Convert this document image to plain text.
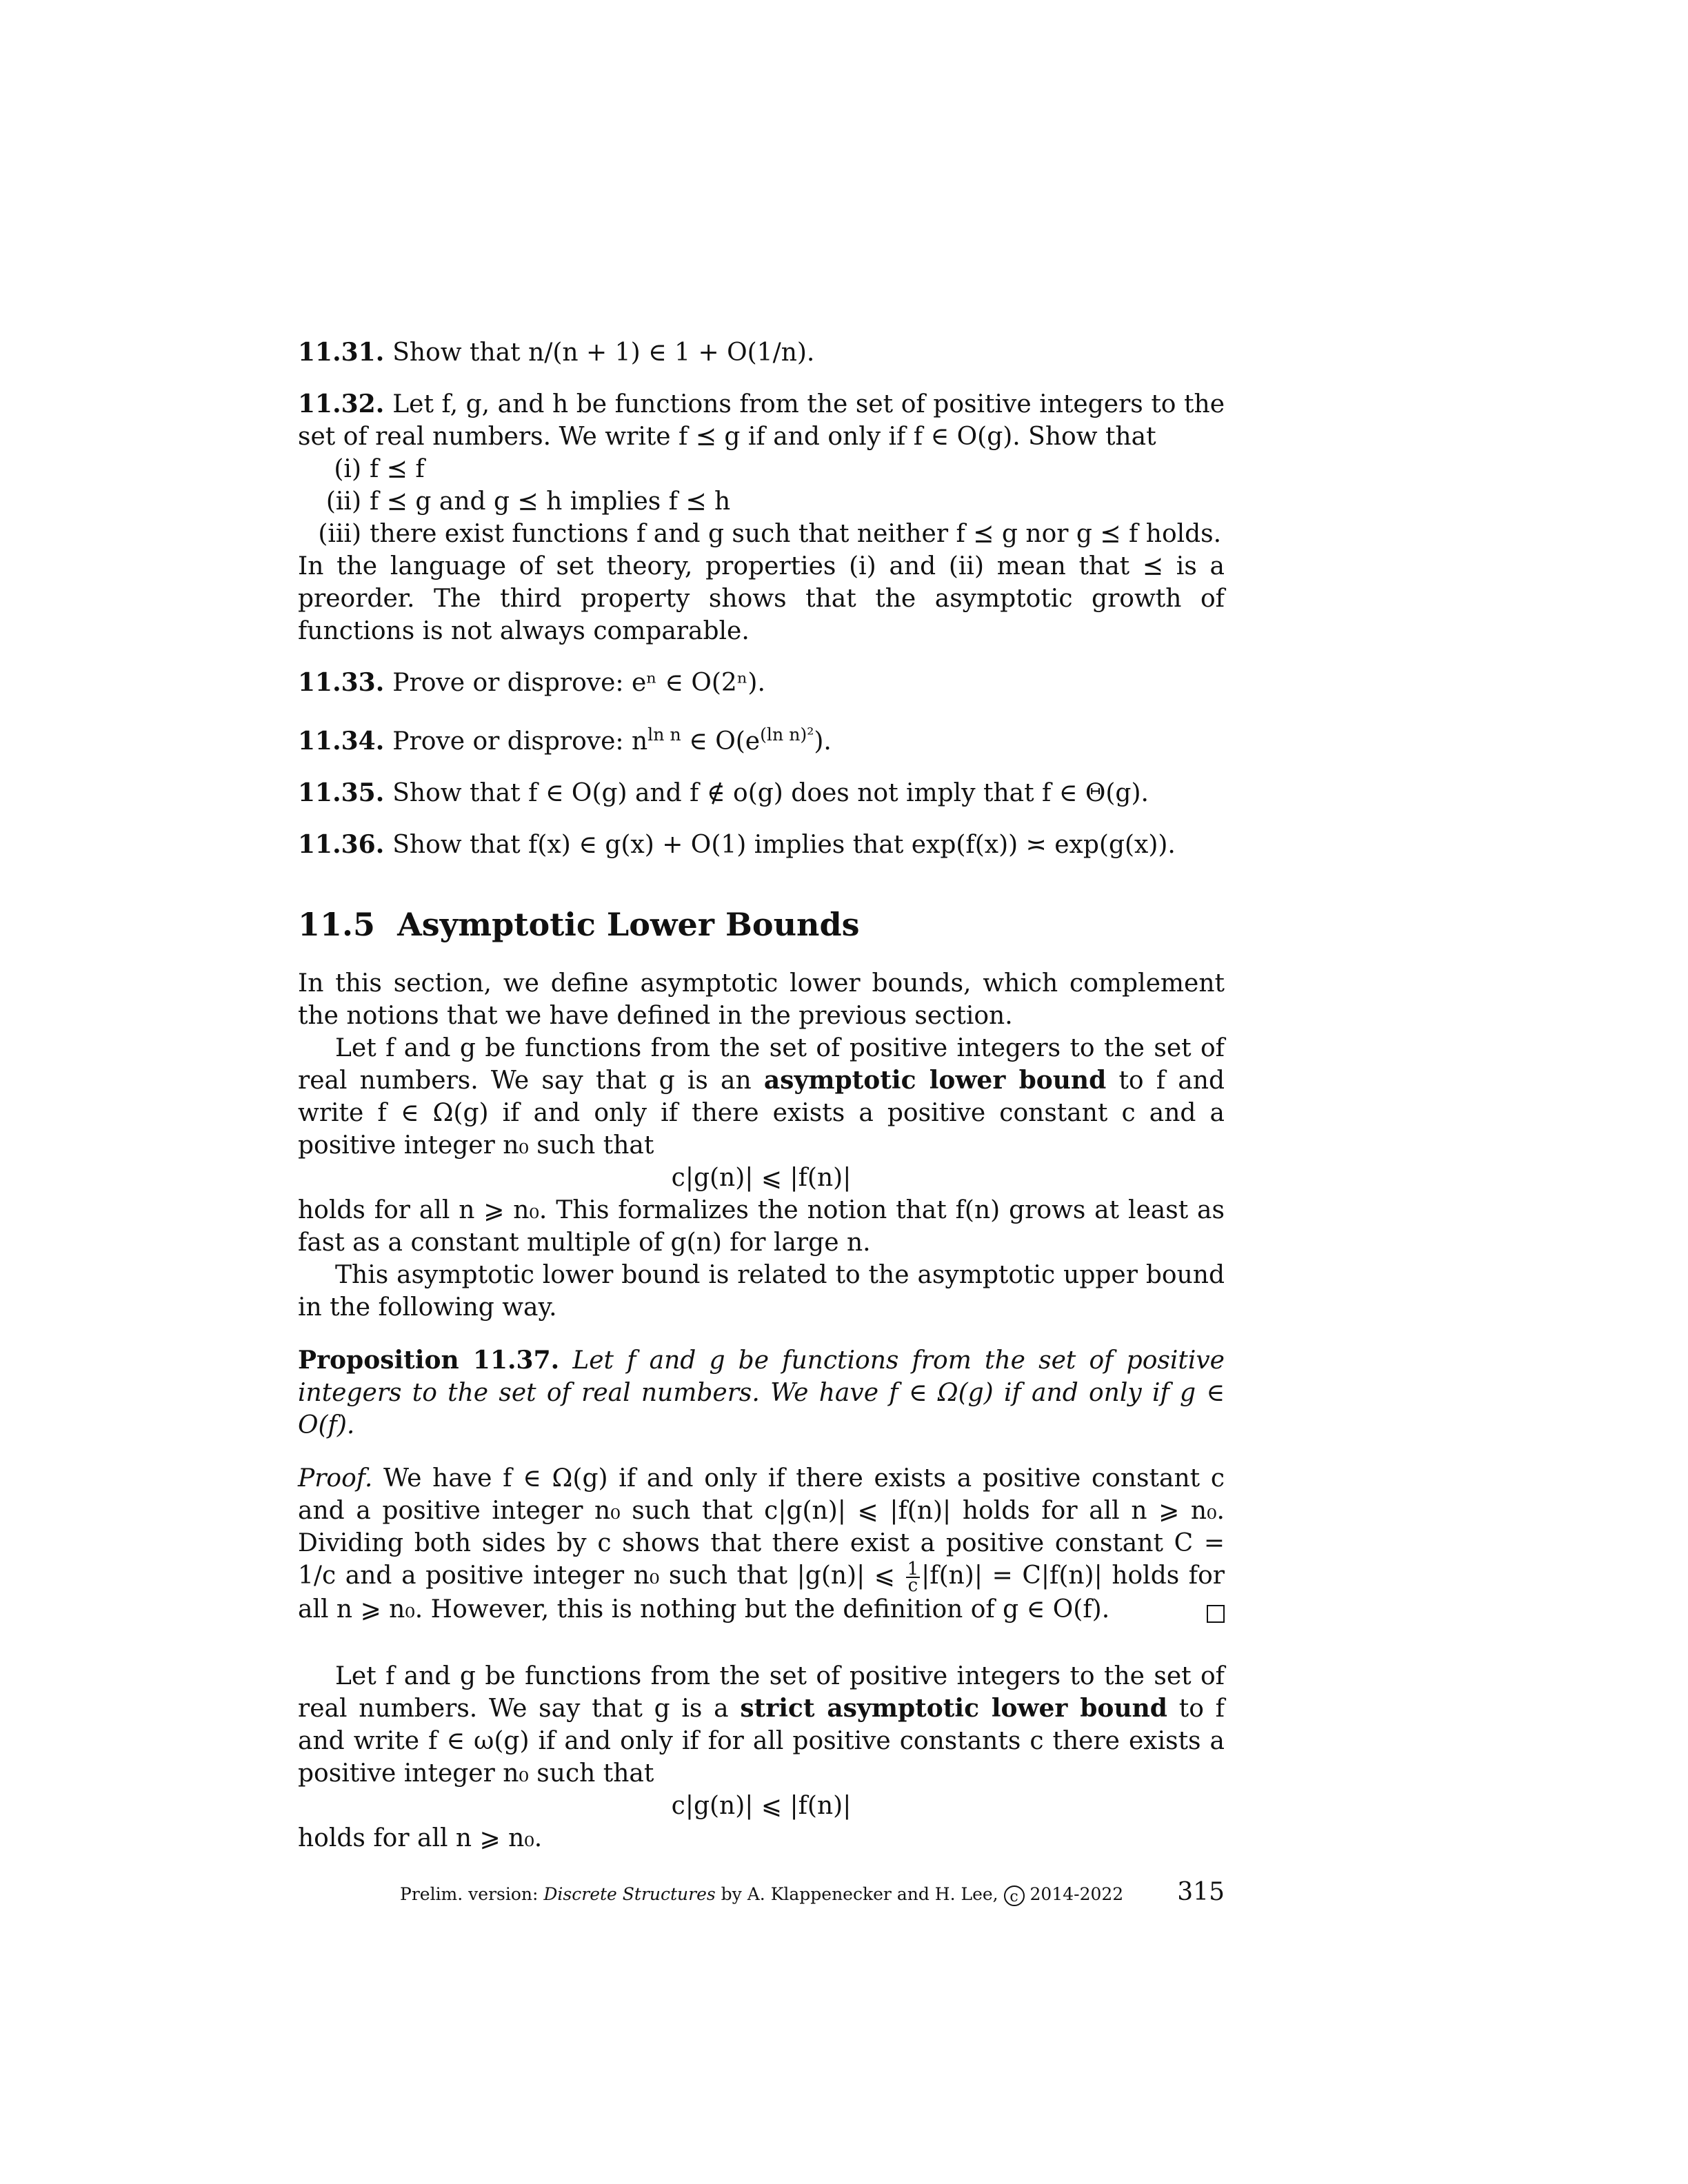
11.31. Show that n/(n + 1) ∈ 1 + O(1/n).

11.32. Let f, g, and h be functions from the set of positive integers to the set of real numbers. We write f ⪯ g if and only if f ∈ O(g). Show that

(i) f ⪯ f
(ii) f ⪯ g and g ⪯ h implies f ⪯ h
(iii) there exist functions f and g such that neither f ⪯ g nor g ⪯ f holds.

In the language of set theory, properties (i) and (ii) mean that ⪯ is a preorder. The third property shows that the asymptotic growth of functions is not always comparable.

11.33. Prove or disprove: eⁿ ∈ O(2ⁿ).

11.34. Prove or disprove: $n^{ln n}$ ∈ $O(e^{(ln n)^2})$.

11.35. Show that f ∈ O(g) and f ∉ o(g) does not imply that f ∈ Θ(g).

11.36. Show that f(x) ∈ g(x) + O(1) implies that exp(f(x)) ≍ exp(g(x)).

11.5 Asymptotic Lower Bounds

In this section, we define asymptotic lower bounds, which complement the notions that we have defined in the previous section.

Let f and g be functions from the set of positive integers to the set of real numbers. We say that g is an asymptotic lower bound to f and write f ∈ Ω(g) if and only if there exists a positive constant c and a positive integer n₀ such that

c|g(n)| ⩽ |f(n)|

holds for all n ⩾ n₀. This formalizes the notion that f(n) grows at least as fast as a constant multiple of g(n) for large n.

This asymptotic lower bound is related to the asymptotic upper bound in the following way.

Proposition 11.37. Let f and g be functions from the set of positive integers to the set of real numbers. We have f ∈ Ω(g) if and only if g ∈ O(f).

Proof. We have f ∈ Ω(g) if and only if there exists a positive constant c and a positive integer n₀ such that c|g(n)| ⩽ |f(n)| holds for all n ⩾ n₀. Dividing both sides by c shows that there exist a positive constant C = 1/c and a positive integer n₀ such that |g(n)| ⩽ $\frac{1}{c} |f(n)| = C|f(n)|$ holds for all n ⩾ n₀. However, this is nothing but the definition of g ∈ O(f).

Let f and g be functions from the set of positive integers to the set of real numbers. We say that g is a strict asymptotic lower bound to f and write f ∈ ω(g) if and only if for all positive constants c there exists a positive integer n₀ such that

c|g(n)| ⩽ |f(n)|

holds for all n ⩾ n₀.

Prelim. version: Discrete Structures by A. Klappenecker and H. Lee, c 2014-2022 315
